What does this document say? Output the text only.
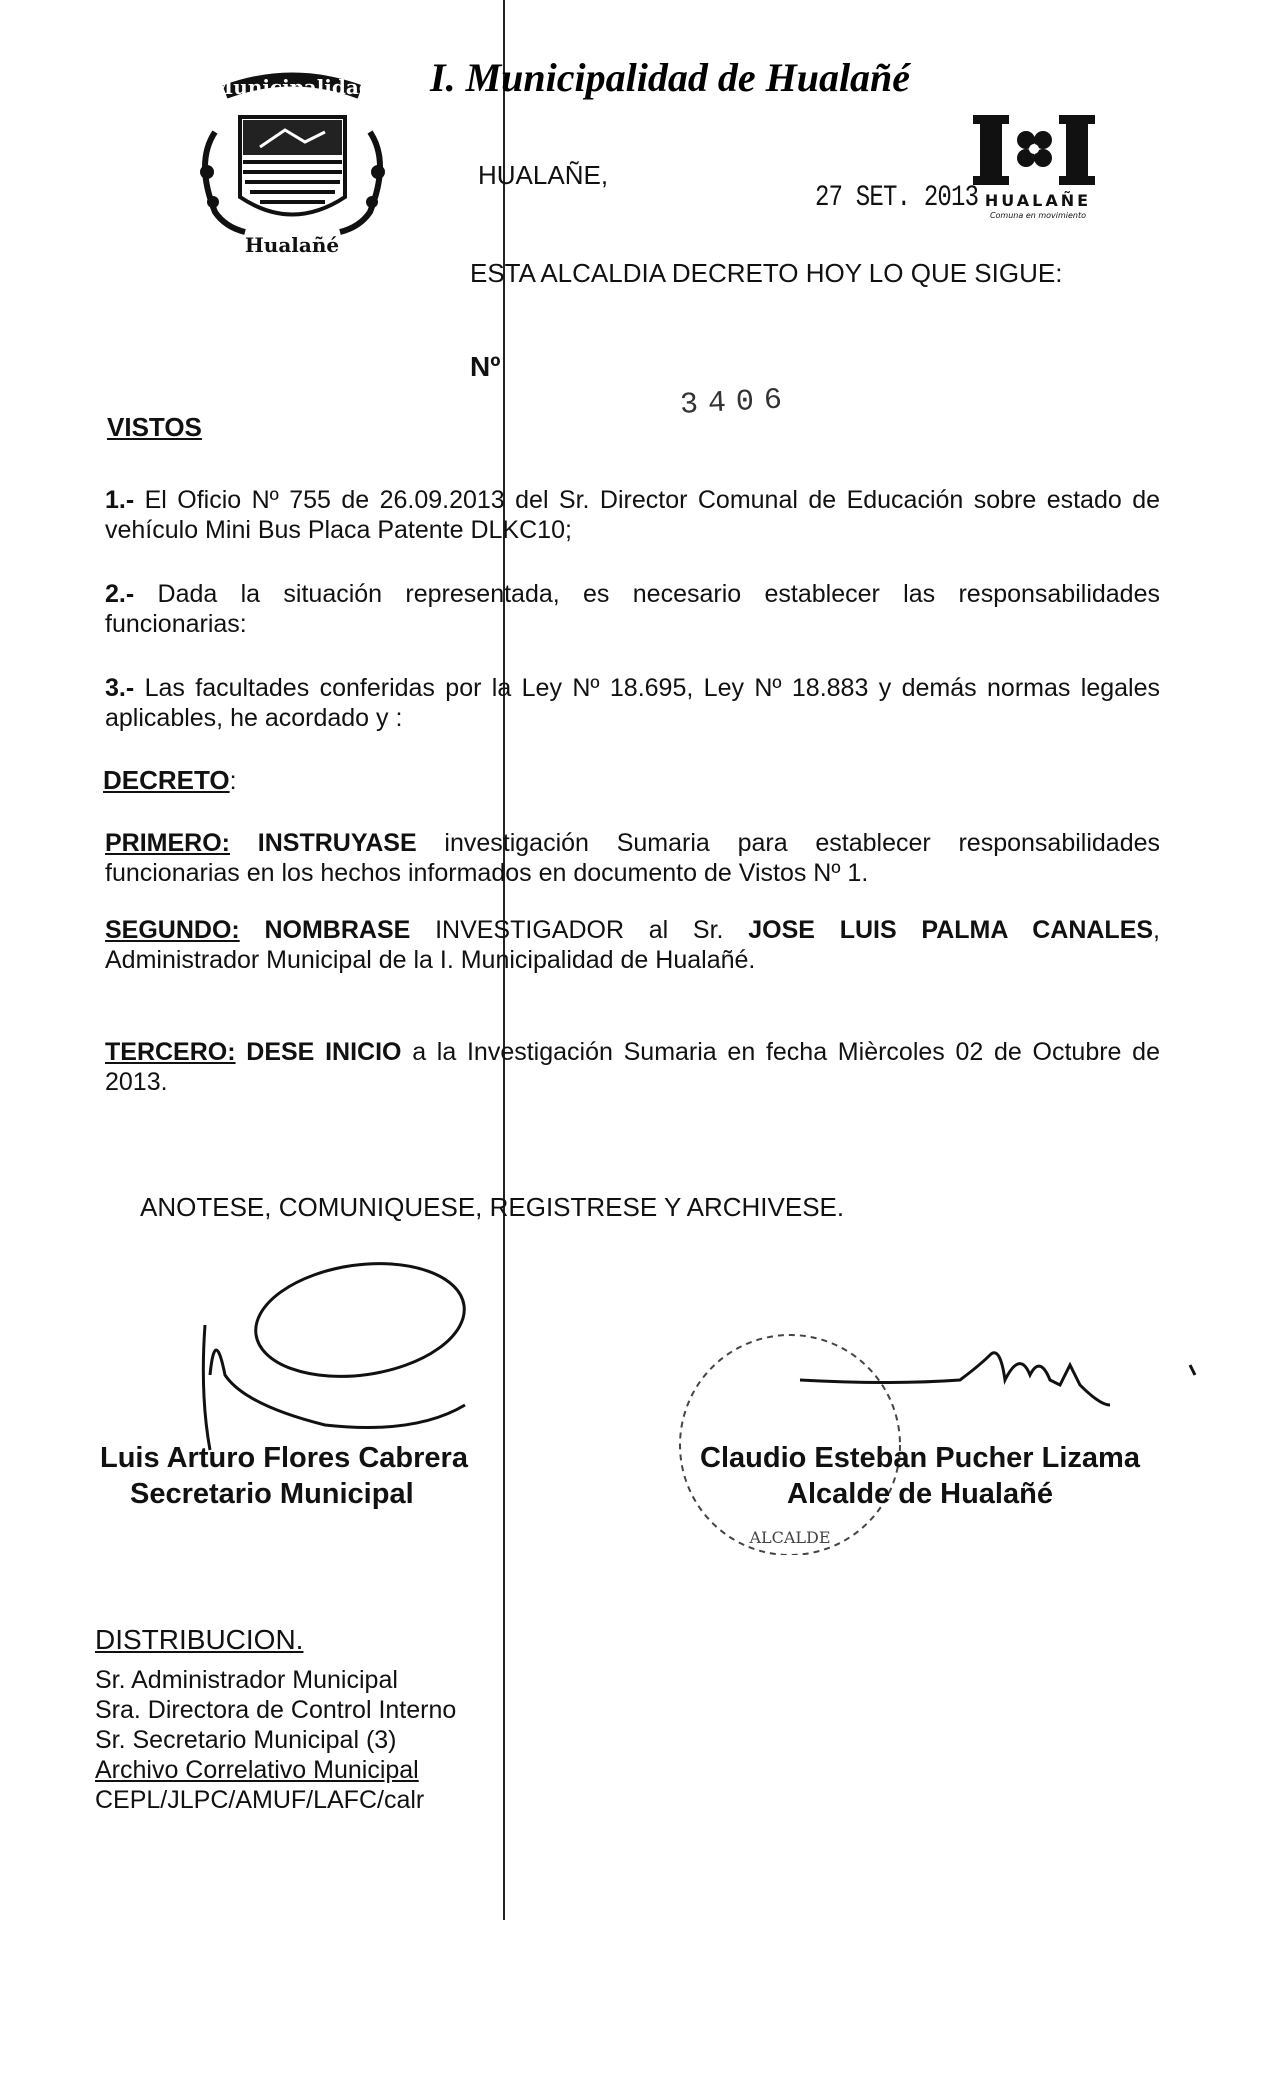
Municipalidad
Hualañé
I. Municipalidad de Hualañé
HUALAÑE
Comuna en movimiento
HUALAÑE,
27 SET. 2013
ESTA ALCALDIA DECRETO HOY LO QUE SIGUE:
Nº
3406
VISTOS
1.- El Oficio Nº 755 de 26.09.2013 del Sr. Director Comunal de Educación sobre estado de vehículo Mini Bus Placa Patente DLKC10;
2.- Dada la situación representada, es necesario establecer las responsabilidades funcionarias:
3.- Las facultades conferidas por la Ley Nº 18.695, Ley Nº 18.883 y demás normas legales aplicables, he acordado y :
DECRETO:
PRIMERO: INSTRUYASE investigación Sumaria para establecer responsabilidades funcionarias en los hechos informados en documento de Vistos Nº 1.
SEGUNDO: NOMBRASE INVESTIGADOR al Sr. JOSE LUIS PALMA CANALES, Administrador Municipal de la I. Municipalidad de Hualañé.
TERCERO: DESE INICIO a la Investigación Sumaria en fecha Mièrcoles 02 de Octubre de 2013.
ANOTESE, COMUNIQUESE, REGISTRESE Y ARCHIVESE.
Luis Arturo Flores Cabrera
Secretario Municipal
ALCALDE
Claudio Esteban Pucher Lizama
Alcalde de Hualañé
DISTRIBUCION.
Sr. Administrador Municipal
Sra. Directora de Control Interno
Sr. Secretario Municipal (3)
Archivo Correlativo Municipal
CEPL/JLPC/AMUF/LAFC/calr
